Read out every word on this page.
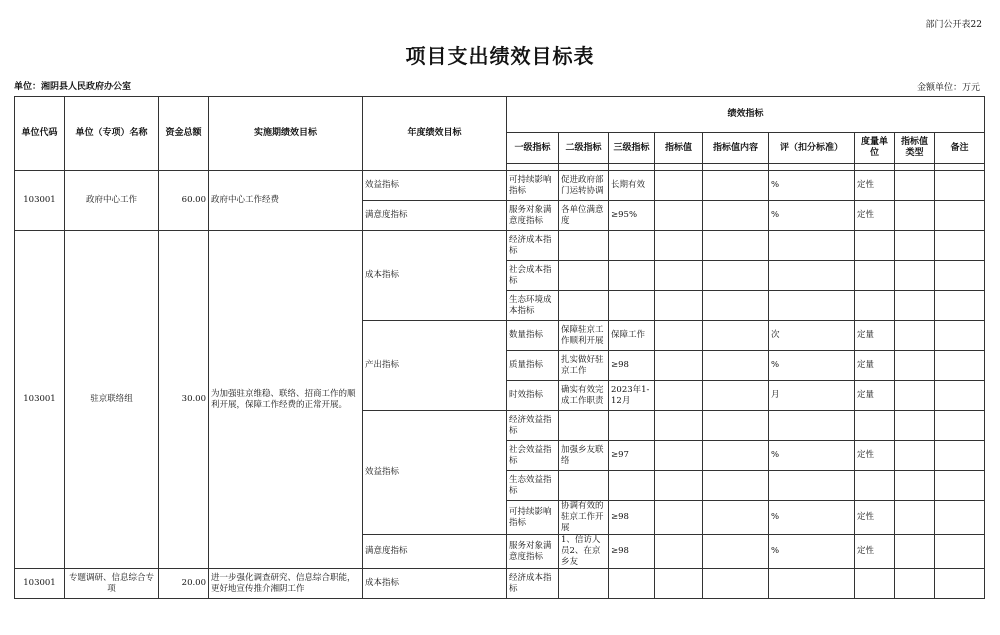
部门公开表22
项目支出绩效目标表
单位：湘阴县人民政府办公室	金额单位：万元
单位代码	单位（专项）名称	资金总额	实施期绩效目标	年度绩效目标	绩效指标								
					一级指标	二级指标	三级指标	指标值	指标值内容	评（扣分标准）	度量单位	指标值类型	备注

103001	政府中心工作	60.00	政府中心工作经费	效益指标	可持续影响指标	促进政府部门运转协调	长期有效			%	定性		
				满意度指标	服务对象满意度指标	各单位满意度	≥95%			%	定性		
103001	驻京联络组	30.00	为加强驻京维稳、联络、招商工作的顺利开展，保障工作经费的正常开展。	成本指标	经济成本指标								
					社会成本指标								
					生态环境成本指标								
				产出指标	数量指标	保障驻京工作顺利开展	保障工作			次	定量		
					质量指标	扎实做好驻京工作	≥98			%	定量		
					时效指标	确实有效完成工作职责	2023年1-12月			月	定量		
				效益指标	经济效益指标								
					社会效益指标	加强乡友联络	≥97			%	定性		
					生态效益指标								
					可持续影响指标	协调有效的驻京工作开展	≥98			%	定性		
				满意度指标	服务对象满意度指标	1、信访人员2、在京乡友	≥98			%	定性		
103001	专题调研、信息综合专项	20.00	进一步强化调查研究、信息综合职能，更好地宣传推介湘阴工作	成本指标	经济成本指标								
